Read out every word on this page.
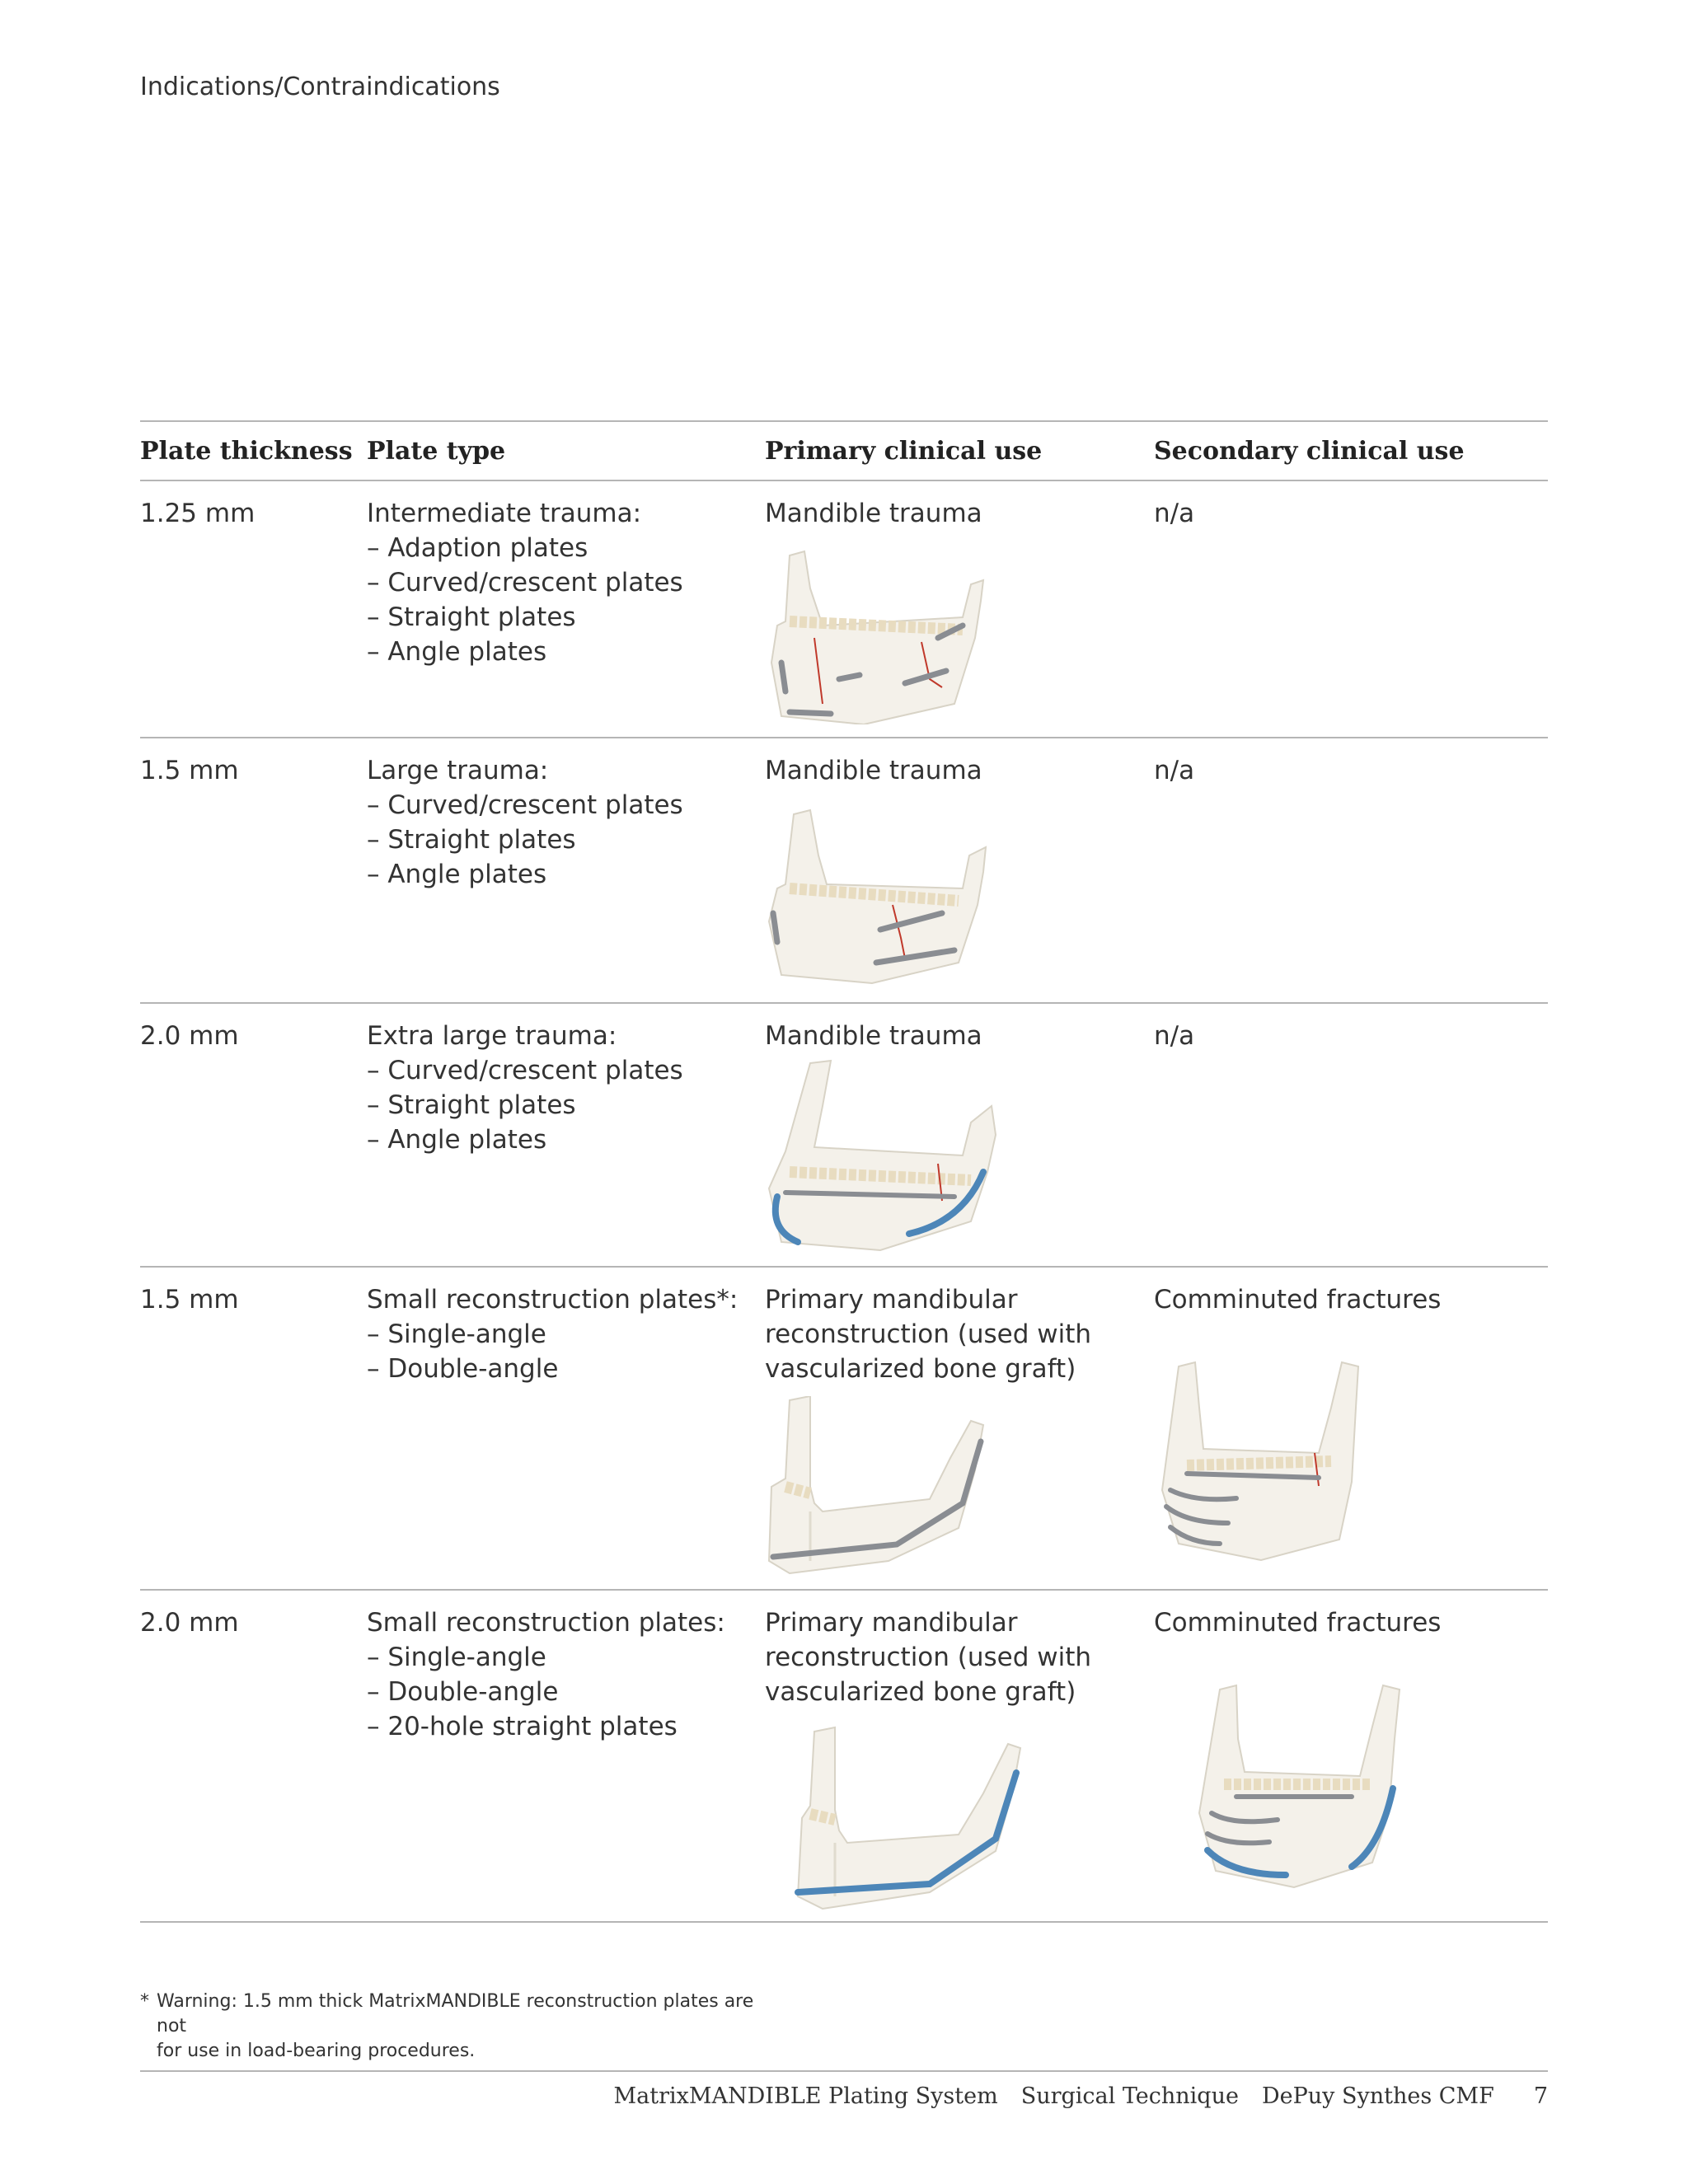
Indications/Contraindications
Plate thickness	Plate type	Primary clinical use	Secondary clinical use
1.25 mm	Intermediate trauma:
– Adaption plates
– Curved/crescent plates
– Straight plates
– Angle plates	Mandible trauma	n/a
1.5 mm	Large trauma:
– Curved/crescent plates
– Straight plates
– Angle plates	Mandible trauma	n/a
2.0 mm	Extra large trauma:
– Curved/crescent plates
– Straight plates
– Angle plates	Mandible trauma	n/a
1.5 mm	Small reconstruction plates*:
– Single-angle
– Double-angle	Primary mandibular
reconstruction (used with
vascularized bone graft)	Comminuted fractures

2.0 mm	Small reconstruction plates:
– Single-angle
– Double-angle
– 20-hole straight plates	Primary mandibular
reconstruction (used with
vascularized bone graft)	Comminuted fractures
* Warning: 1.5 mm thick MatrixMANDIBLE reconstruction plates are not
for use in load-bearing procedures.
MatrixMANDIBLE Plating System Surgical Technique DePuy Synthes CMF 7
